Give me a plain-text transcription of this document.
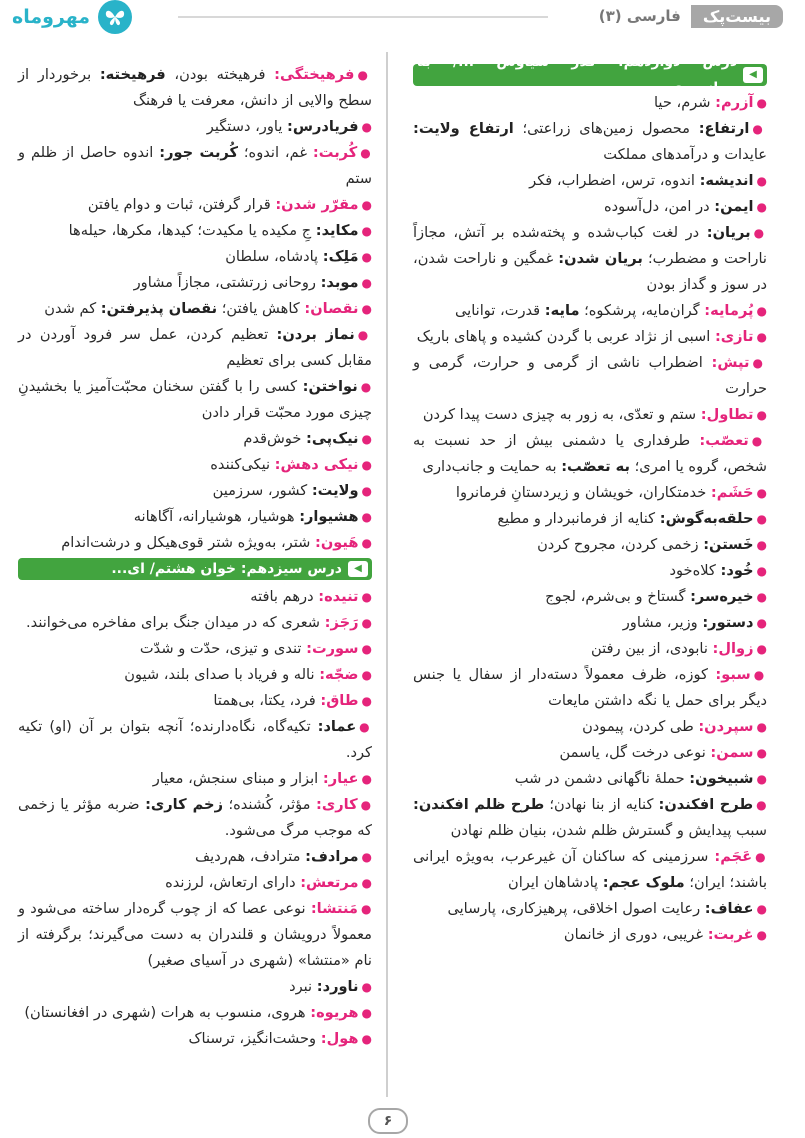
مهروماه	بیست‌پک
فارسی (۳)
◀
درس دوازدهم: گذر سیاوش .../ به جوانمردی...

●آزرم: شرم، حیا

●ارتفاع: محصول زمین‌های زراعتی؛ ارتفاع ولایت: عایدات و درآمدهای مملکت

●اندیشه: اندوه، ترس، اضطراب، فکر

●ایمن: در امن، دل‌آسوده

●بریان: در لغت کباب‌شده و پخته‌شده بر آتش، مجازاً ناراحت و مضطرب؛ بریان شدن: غمگین و ناراحت شدن، در سوز و گداز بودن

●پُرمایه: گران‌مایه، پرشکوه؛ مایه: قدرت، توانایی

●تازی: اسبی از نژاد عربی با گردن کشیده و پاهای باریک

●تپش: اضطراب ناشی از گرمی و حرارت، گرمی و حرارت

●تطاول: ستم و تعدّی، به زور به چیزی دست پیدا کردن

●تعصّب: طرفداری یا دشمنی بیش از حد نسبت به شخص، گروه یا امری؛ به تعصّب: به حمایت و جانب‌داری

●حَشَم: خدمتکاران، خویشان و زیردستانِ فرمانروا

●حلقه‌به‌گوش: کنایه از فرمانبردار و مطیع

●خَستن: زخمی کردن، مجروح کردن

●خُود: کلاه‌خود

●خیره‌سر: گستاخ و بی‌شرم، لجوج

●دستور: وزیر، مشاور

●زوال: نابودی، از بین رفتن

●سبو: کوزه، ظرف معمولاً دسته‌دار از سفال یا جنس دیگر برای حمل یا نگه داشتن مایعات

●سپردن: طی کردن، پیمودن

●سمن: نوعی درخت گل، یاسمن

●شبیخون: حملهٔ ناگهانی دشمن در شب

●طرح افکندن: کنایه از بنا نهادن؛ طرح ظلم افکندن: سبب پیدایش و گسترش ظلم شدن، بنیان ظلم نهادن

●عَجَم: سرزمینی که ساکنان آن غیرعرب، به‌ویژه ایرانی باشند؛ ایران؛ ملوک عجم: پادشاهان ایران

●عفاف: رعایت اصول اخلاقی، پرهیزکاری، پارسایی

●غربت: غریبی، دوری از خانمان

●فرهیختگی: فرهیخته بودن، فرهیخته: برخوردار از سطح والایی از دانش، معرفت یا فرهنگ

●فریادرس: یاور، دستگیر

●کُربت: غم، اندوه؛ کُربت جور: اندوه حاصل از ظلم و ستم

●مقرّر شدن: قرار گرفتن، ثبات و دوام یافتن

●مکاید: جِ مکیده یا مکیدت؛ کیدها، مکرها، حیله‌ها

●مَلِک: پادشاه، سلطان

●موبد: روحانی زرتشتی، مجازاً مشاور

●نقصان: کاهش یافتن؛ نقصان پذیرفتن: کم شدن

●نماز بردن: تعظیم کردن، عمل سر فرود آوردن در مقابل کسی برای تعظیم

●نواختن: کسی را با گفتن سخنان محبّت‌آمیز یا بخشیدنِ چیزی مورد محبّت قرار دادن

●نیک‌پی: خوش‌قدم

●نیکی دهش: نیکی‌کننده

●ولایت: کشور، سرزمین

●هشیوار: هوشیار، هوشیارانه، آگاهانه

●هَیون: شتر، به‌ویژه شتر قوی‌هیکل و درشت‌اندام

◀
درس سیزدهم: خوان هشتم/ ای...

●تنیده: درهم بافته

●رَجَز: شعری که در میدان جنگ برای مفاخره می‌خوانند.

●سورت: تندی و تیزی، حدّت و شدّت

●ضجّه: ناله و فریاد با صدای بلند، شیون

●طاق: فرد، یکتا، بی‌همتا

●عماد: تکیه‌گاه، نگاه‌دارنده؛ آنچه بتوان بر آن (او) تکیه کرد.

●عیار: ابزار و مبنای سنجش، معیار

●کاری: مؤثر، کُشنده؛ زخم کاری: ضربه مؤثر یا زخمی که موجب مرگ می‌شود.

●مرادف: مترادف، هم‌ردیف

●مرتعش: دارای ارتعاش، لرزنده

●مَنتشا: نوعی عصا که از چوب گره‌دار ساخته می‌شود و معمولاً درویشان و قلندران به دست می‌گیرند؛ برگرفته از نام «منتشا» (شهری در آسیای صغیر)

●ناورد: نبرد

●هریوه: هروی، منسوب به هرات (شهری در افغانستان)

●هول: وحشت‌انگیز، ترسناک

۶
